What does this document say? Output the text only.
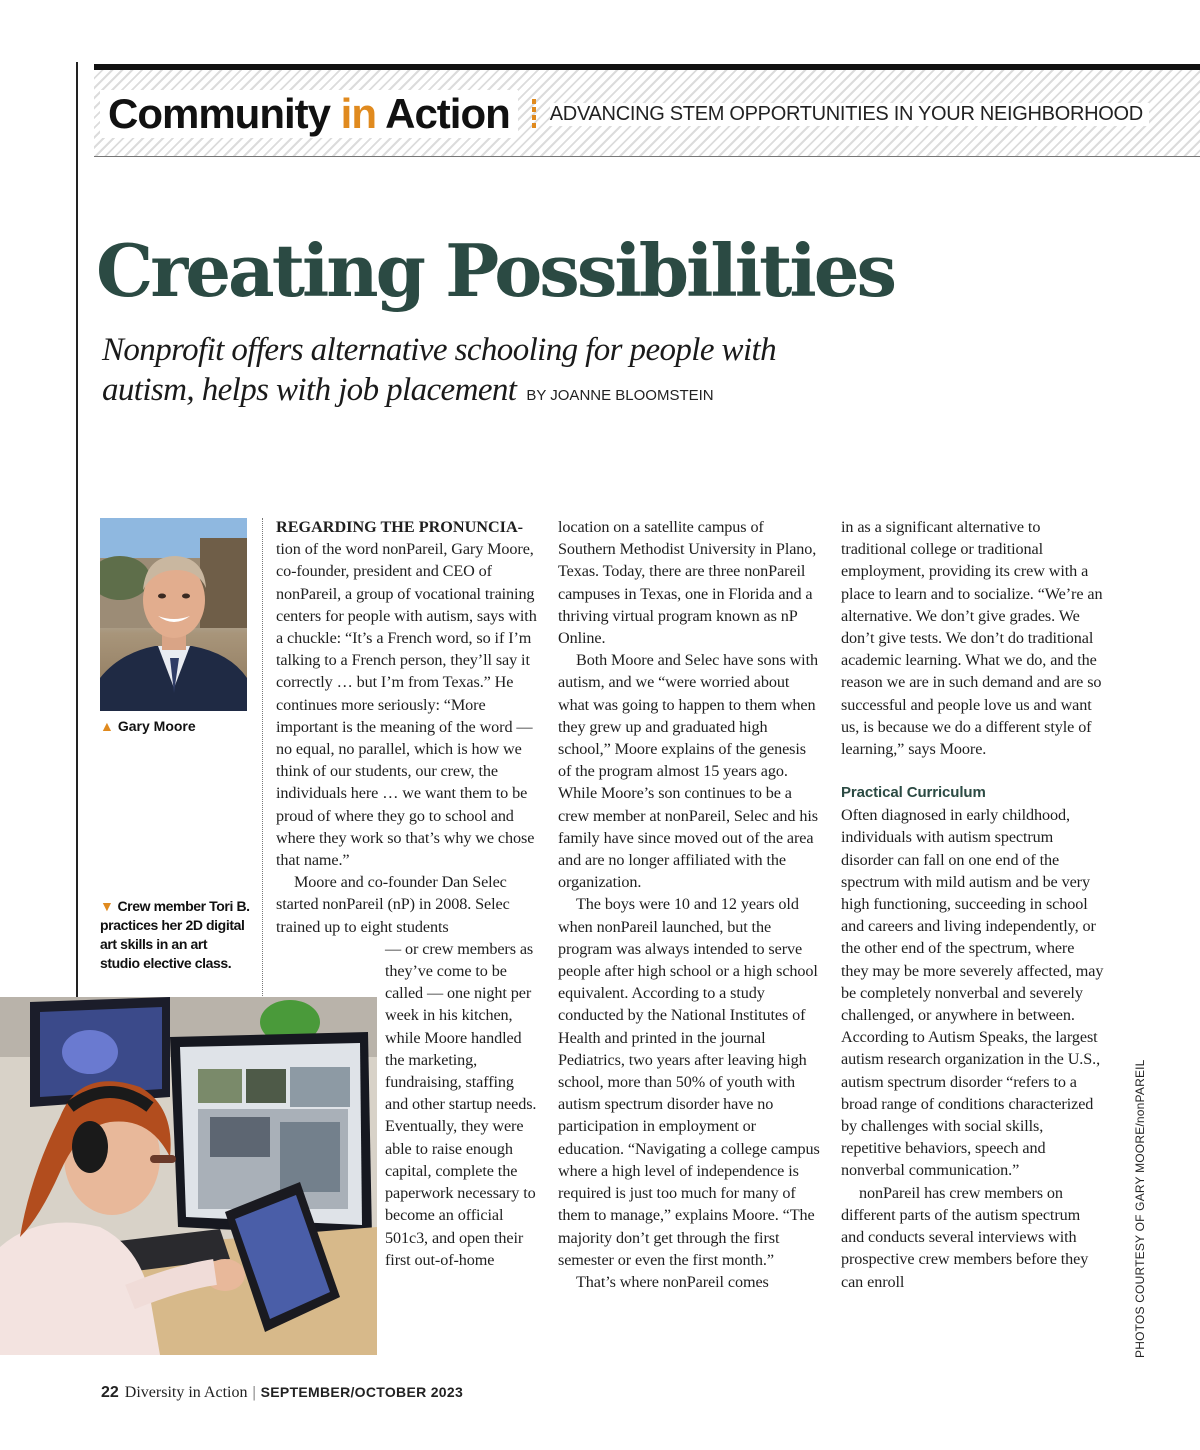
Community in Action	ADVANCING STEM OPPORTUNITIES IN YOUR NEIGHBORHOOD
Creating Possibilities
Nonprofit offers alternative schooling for people with autism, helps with job placement BY JOANNE BLOOMSTEIN
▲ Gary Moore
▼ Crew member Tori B. practices her 2D digital art skills in an art studio elective class.

REGARDING THE PRONUNCIA- tion of the word nonPareil, Gary Moore, co-founder, president and CEO of nonPareil, a group of vocational training centers for people with autism, says with a chuckle: “It’s a French word, so if I’m talking to a French person, they’ll say it correctly … but I’m from Texas.” He continues more seriously: “More important is the meaning of the word — no equal, no parallel, which is how we think of our students, our crew, the individuals here … we want them to be proud of where they go to school and where they work so that’s why we chose that name.”

Moore and co-founder Dan Selec started nonPareil (nP) in 2008. Selec trained up to eight students

— or crew members as they’ve come to be called — one night per week in his kitchen, while Moore handled the marketing, fundraising, staffing and other startup needs. Eventually, they were able to raise enough capital, complete the paperwork necessary to become an official 501c3, and open their first out-of-home

location on a satellite campus of Southern Methodist University in Plano, Texas. Today, there are three nonPareil campuses in Texas, one in Florida and a thriving virtual program known as nP Online.

Both Moore and Selec have sons with autism, and we “were worried about what was going to happen to them when they grew up and graduated high school,” Moore explains of the genesis of the program almost 15 years ago. While Moore’s son continues to be a crew member at nonPareil, Selec and his family have since moved out of the area and are no longer affiliated with the organization.

The boys were 10 and 12 years old when nonPareil launched, but the program was always intended to serve people after high school or a high school equivalent. According to a study conducted by the National Institutes of Health and printed in the journal Pediatrics, two years after leaving high school, more than 50% of youth with autism spectrum disorder have no participation in employment or education. “Navigating a college campus where a high level of independence is required is just too much for many of them to manage,” explains Moore. “The majority don’t get through the first semester or even the first month.”

That’s where nonPareil comes

in as a significant alternative to traditional college or traditional employment, providing its crew with a place to learn and to socialize. “We’re an alternative. We don’t give grades. We don’t give tests. We don’t do traditional academic learning. What we do, and the reason we are in such demand and are so successful and people love us and want us, is because we do a different style of learning,” says Moore.

Practical Curriculum

Often diagnosed in early childhood, individuals with autism spectrum disorder can fall on one end of the spectrum with mild autism and be very high functioning, succeeding in school and careers and living independently, or the other end of the spectrum, where they may be more severely affected, may be completely nonverbal and severely challenged, or anywhere in between. According to Autism Speaks, the largest autism research organization in the U.S., autism spectrum disorder “refers to a broad range of conditions characterized by challenges with social skills, repetitive behaviors, speech and nonverbal communication.”

nonPareil has crew members on different parts of the autism spectrum and conducts several interviews with prospective crew members before they can enroll	PHOTOS COURTESY OF GARY MOORE/nonPAREIL
22 Diversity in Action | SEPTEMBER/OCTOBER 2023
